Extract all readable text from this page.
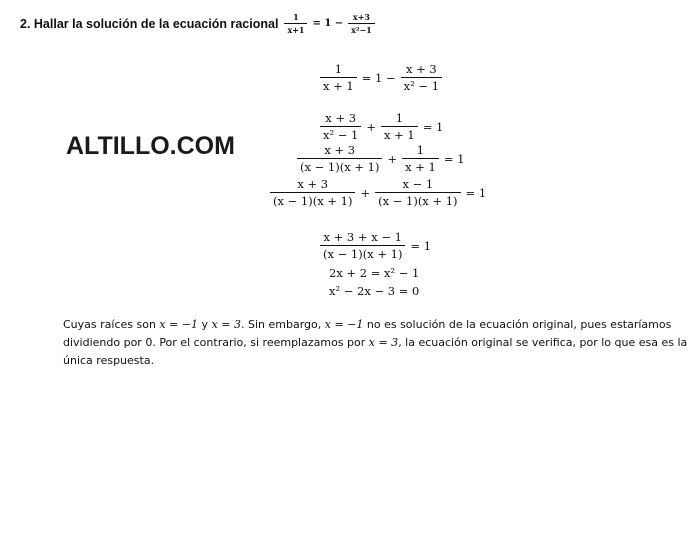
2. Hallar la solución de la ecuación racional $\frac{1}{x+1} = 1 - \frac{x+3}{\text{x²−1}}$
ALTILLO.COM
$\frac{1}{x + 1} = 1 - \frac{x + 3}{\text{x² − 1}}$
$\frac{x + 3}{\text{x² − 1}} + \frac{1}{x + 1} = 1$
$\frac{x + 3}{(x - 1)(x + 1)} + \frac{1}{x + 1} = 1$
$\frac{x + 3}{(x - 1)(x + 1)} + \frac{x - 1}{(x - 1)(x + 1)} = 1$
$\frac{x + 3 + x - 1}{(x - 1)(x + 1)} = 1$
2x + 2 = x² − 1
x² − 2x − 3 = 0
Cuyas raíces son x = −1 y x = 3. Sin embargo, x = −1 no es solución de la ecuación original, pues estaríamos dividiendo por 0. Por el contrario, si reemplazamos por x = 3, la ecuación original se verifica, por lo que esa es la única respuesta.
